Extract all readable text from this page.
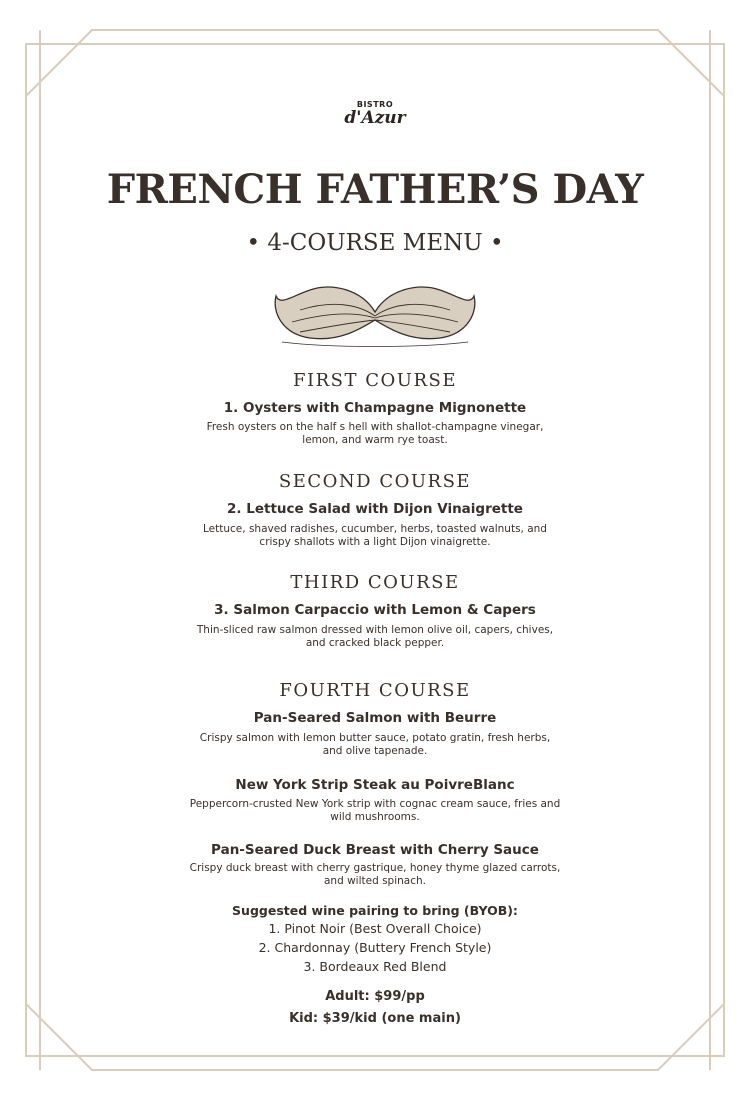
BISTRO
d'Azur
FRENCH FATHER’S DAY
• 4-COURSE MENU •
FIRST COURSE
1. Oysters with Champagne Mignonette
Fresh oysters on the half s hell with shallot-champagne vinegar,
lemon, and warm rye toast.
SECOND COURSE
2. Lettuce Salad with Dijon Vinaigrette
Lettuce, shaved radishes, cucumber, herbs, toasted walnuts, and
crispy shallots with a light Dijon vinaigrette.
THIRD COURSE
3. Salmon Carpaccio with Lemon & Capers
Thin-sliced raw salmon dressed with lemon olive oil, capers, chives,
and cracked black pepper.
FOURTH COURSE
Pan-Seared Salmon with Beurre
Crispy salmon with lemon butter sauce, potato gratin, fresh herbs,
and olive tapenade.
New York Strip Steak au PoivreBlanc
Peppercorn-crusted New York strip with cognac cream sauce, fries and
wild mushrooms.
Pan-Seared Duck Breast with Cherry Sauce
Crispy duck breast with cherry gastrique, honey thyme glazed carrots,
and wilted spinach.
Suggested wine pairing to bring (BYOB):
1. Pinot Noir (Best Overall Choice)
2. Chardonnay (Buttery French Style)
3. Bordeaux Red Blend
Adult: $99/pp
Kid: $39/kid (one main)
